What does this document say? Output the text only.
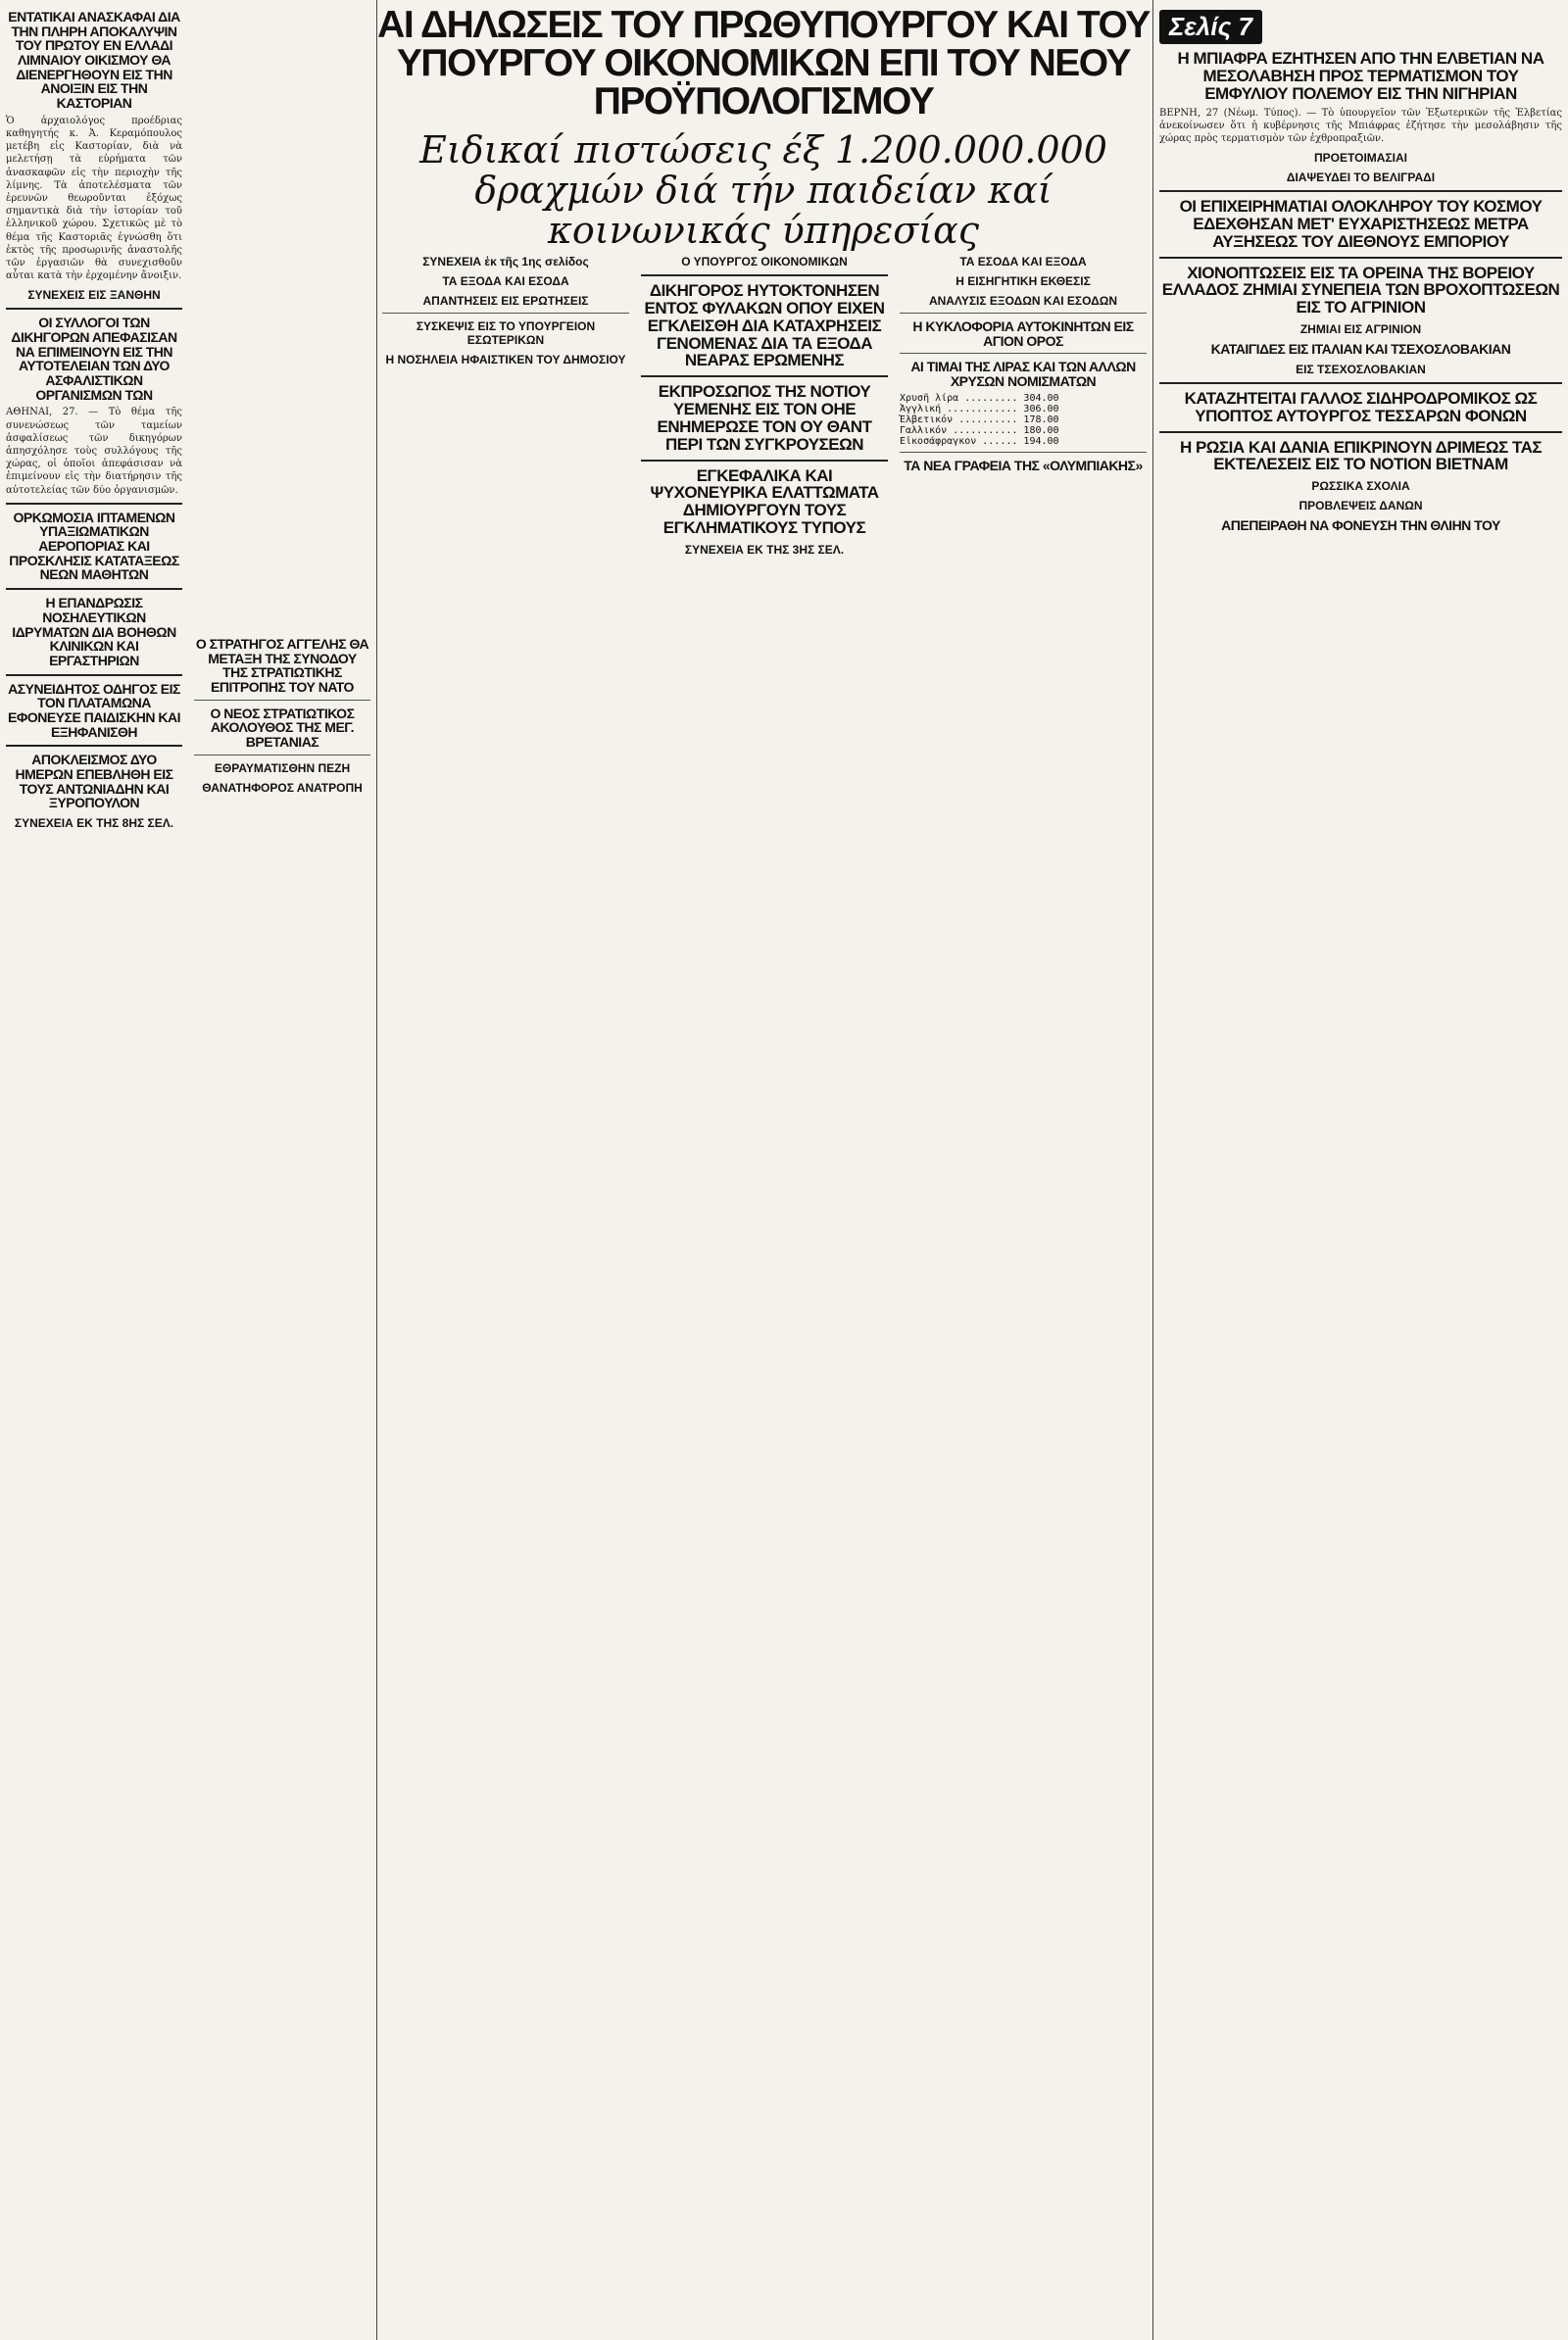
ΕΝΤΑΤΙΚΑΙ ΑΝΑΣΚΑΦΑΙ ΔΙΑ ΤΗΝ ΠΛΗΡΗ ΑΠΟΚΑΛΥΨΙΝ ΤΟΥ ΠΡΩΤΟΥ ΕΝ ΕΛΛΑΔΙ ΛΙΜΝΑΙΟΥ ΟΙΚΙΣΜΟΥ ΘΑ ΔΙΕΝΕΡΓΗΘΟΥΝ ΕΙΣ ΤΗΝ ΑΝΟΙΞΙΝ ΕΙΣ ΤΗΝ ΚΑΣΤΟΡΙΑΝ

Ὁ ἀρχαιολόγος προέδριας καθηγητής κ. Ἀ. Κεραμόπουλος μετέβη εἰς Καστορίαν, διὰ νὰ μελετήσῃ τὰ εὑρήματα τῶν ἀνασκαφῶν εἰς τὴν περιοχὴν τῆς λίμνης. Τὰ ἀποτελέσματα τῶν ἐρευνῶν θεωροῦνται ἐξόχως σημαντικὰ διὰ τὴν ἱστορίαν τοῦ ἑλληνικοῦ χώρου. Σχετικῶς μὲ τὸ θέμα τῆς Καστοριᾶς ἐγνώσθη ὅτι ἐκτὸς τῆς προσωρινῆς ἀναστολῆς τῶν ἐργασιῶν θὰ συνεχισθοῦν αὗται κατὰ τὴν ἐρχομένην ἄνοιξιν.

ΣΥΝΕΧΕΙΣ ΕΙΣ ΞΑΝΘΗΝ
ΟΙ ΣΥΛΛΟΓΟΙ ΤΩΝ ΔΙΚΗΓΟΡΩΝ ΑΠΕΦΑΣΙΣΑΝ ΝΑ ΕΠΙΜΕΙΝΟΥΝ ΕΙΣ ΤΗΝ ΑΥΤΟΤΕΛΕΙΑΝ ΤΩΝ ΔΥΟ ΑΣΦΑΛΙΣΤΙΚΩΝ ΟΡΓΑΝΙΣΜΩΝ ΤΩΝ

ΑΘΗΝΑΙ, 27. — Τὸ θέμα τῆς συνενώσεως τῶν ταμείων ἀσφαλίσεως τῶν δικηγόρων ἀπησχόλησε τοὺς συλλόγους τῆς χώρας, οἱ ὁποῖοι ἀπεφάσισαν νὰ ἐπιμείνουν εἰς τὴν διατήρησιν τῆς αὐτοτελείας τῶν δύο ὀργανισμῶν.

ΟΡΚΩΜΟΣΙΑ ΙΠΤΑΜΕΝΩΝ ΥΠΑΞΙΩΜΑΤΙΚΩΝ ΑΕΡΟΠΟΡΙΑΣ ΚΑΙ ΠΡΟΣΚΛΗΣΙΣ ΚΑΤΑΤΑΞΕΩΣ ΝΕΩΝ ΜΑΘΗΤΩΝ
Η ΕΠΑΝΔΡΩΣΙΣ ΝΟΣΗΛΕΥΤΙΚΩΝ ΙΔΡΥΜΑΤΩΝ ΔΙΑ ΒΟΗΘΩΝ ΚΛΙΝΙΚΩΝ ΚΑΙ ΕΡΓΑΣΤΗΡΙΩΝ
ΑΣΥΝΕΙΔΗΤΟΣ ΟΔΗΓΟΣ ΕΙΣ ΤΟΝ ΠΛΑΤΑΜΩΝΑ ΕΦΟΝΕΥΣΕ ΠΑΙΔΙΣΚΗΝ ΚΑΙ ΕΞΗΦΑΝΙΣΘΗ
ΑΠΟΚΛΕΙΣΜΟΣ ΔΥΟ ΗΜΕΡΩΝ ΕΠΕΒΛΗΘΗ ΕΙΣ ΤΟΥΣ ΑΝΤΩΝΙΑΔΗΝ ΚΑΙ ΞΥΡΟΠΟΥΛΟΝ
ΣΥΝΕΧΕΙΑ ΕΚ ΤΗΣ 8ΗΣ ΣΕΛ.
Ο ΣΤΡΑΤΗΓΟΣ ΑΓΓΕΛΗΣ ΘΑ ΜΕΤΑΞΗ ΤΗΣ ΣΥΝΟΔΟΥ ΤΗΣ ΣΤΡΑΤΙΩΤΙΚΗΣ ΕΠΙΤΡΟΠΗΣ ΤΟΥ ΝΑΤΟ
Ο ΝΕΟΣ ΣΤΡΑΤΙΩΤΙΚΟΣ ΑΚΟΛΟΥΘΟΣ ΤΗΣ ΜΕΓ. ΒΡΕΤΑΝΙΑΣ
ΕΘΡΑΥΜΑΤΙΣΘΗΝ ΠΕΖΗ
ΘΑΝΑΤΗΦΟΡΟΣ ΑΝΑΤΡΟΠΗ
ΑΙ ΔΗΛΩΣΕΙΣ ΤΟΥ ΠΡΩΘΥΠΟΥΡΓΟΥ ΚΑΙ ΤΟΥ ΥΠΟΥΡΓΟΥ ΟΙΚΟΝΟΜΙΚΩΝ ΕΠΙ ΤΟΥ ΝΕΟΥ ΠΡΟΫΠΟΛΟΓΙΣΜΟΥ
Ειδικαί πιστώσεις έξ 1.200.000.000 δραχμών διά τήν παιδείαν καί κοινωνικάς ύπηρεσίας
ΣΥΝΕΧΕΙΑ ἐκ τῆς 1ης σελίδος
ΤΑ ΕΞΟΔΑ ΚΑΙ ΕΣΟΔΑ
ΑΠΑΝΤΗΣΕΙΣ ΕΙΣ ΕΡΩΤΗΣΕΙΣ
ΣΥΣΚΕΨΙΣ ΕΙΣ ΤΟ ΥΠΟΥΡΓΕΙΟΝ ΕΣΩΤΕΡΙΚΩΝ
Η ΝΟΣΗΛΕΙΑ ΗΦΑΙΣΤΙΚΕΝ ΤΟΥ ΔΗΜΟΣΙΟΥ
Ο ΥΠΟΥΡΓΟΣ ΟΙΚΟΝΟΜΙΚΩΝ
ΔΙΚΗΓΟΡΟΣ ΗΥΤΟΚΤΟΝΗΣΕΝ ΕΝΤΟΣ ΦΥΛΑΚΩΝ ΟΠΟΥ ΕΙΧΕΝ ΕΓΚΛΕΙΣΘΗ ΔΙΑ ΚΑΤΑΧΡΗΣΕΙΣ ΓΕΝΟΜΕΝΑΣ ΔΙΑ ΤΑ ΕΞΟΔΑ ΝΕΑΡΑΣ ΕΡΩΜΕΝΗΣ
ΕΚΠΡΟΣΩΠΟΣ ΤΗΣ ΝΟΤΙΟΥ ΥΕΜΕΝΗΣ ΕΙΣ ΤΟΝ ΟΗΕ ΕΝΗΜΕΡΩΣΕ ΤΟΝ ΟΥ ΘΑΝΤ ΠΕΡΙ ΤΩΝ ΣΥΓΚΡΟΥΣΕΩΝ
ΕΓΚΕΦΑΛΙΚΑ ΚΑΙ ΨΥΧΟΝΕΥΡΙΚΑ ΕΛΑΤΤΩΜΑΤΑ ΔΗΜΙΟΥΡΓΟΥΝ ΤΟΥΣ ΕΓΚΛΗΜΑΤΙΚΟΥΣ ΤΥΠΟΥΣ
ΣΥΝΕΧΕΙΑ ΕΚ ΤΗΣ 3ΗΣ ΣΕΛ.
ΤΑ ΕΣΟΔΑ ΚΑΙ ΕΞΟΔΑ
Η ΕΙΣΗΓΗΤΙΚΗ ΕΚΘΕΣΙΣ
ΑΝΑΛΥΣΙΣ ΕΞΟΔΩΝ ΚΑΙ ΕΣΟΔΩΝ
Η ΚΥΚΛΟΦΟΡΙΑ ΑΥΤΟΚΙΝΗΤΩΝ ΕΙΣ ΑΓΙΟΝ ΟΡΟΣ
ΑΙ ΤΙΜΑΙ ΤΗΣ ΛΙΡΑΣ ΚΑΙ ΤΩΝ ΑΛΛΩΝ ΧΡΥΣΩΝ ΝΟΜΙΣΜΑΤΩΝ
Χρυσῆ λίρα ......... 304.00
Ἀγγλική ............ 306.00
Ἐλβετικόν .......... 178.00
Γαλλικόν ........... 180.00
Εἰκοσάφραγκον ...... 194.00
ΤΑ ΝΕΑ ΓΡΑΦΕΙΑ ΤΗΣ «ΟΛΥΜΠΙΑΚΗΣ»
Σελίς 7
Η ΜΠΙΑΦΡΑ ΕΖΗΤΗΣΕΝ ΑΠΟ ΤΗΝ ΕΛΒΕΤΙΑΝ ΝΑ ΜΕΣΟΛΑΒΗΣΗ ΠΡΟΣ ΤΕΡΜΑΤΙΣΜΟΝ ΤΟΥ ΕΜΦΥΛΙΟΥ ΠΟΛΕΜΟΥ ΕΙΣ ΤΗΝ ΝΙΓΗΡΙΑΝ

ΒΕΡΝΗ, 27 (Νέωμ. Τύπος). — Τὸ ὑπουργεῖον τῶν Ἐξωτερικῶν τῆς Ἐλβετίας ἀνεκοίνωσεν ὅτι ἡ κυβέρνησις τῆς Μπιάφρας ἐζήτησε τὴν μεσολάβησιν τῆς χώρας πρὸς τερματισμὸν τῶν ἐχθροπραξιῶν.

ΠΡΟΕΤΟΙΜΑΣΙΑΙ
ΔΙΑΨΕΥΔΕΙ ΤΟ ΒΕΛΙΓΡΑΔΙ
ΟΙ ΕΠΙΧΕΙΡΗΜΑΤΙΑΙ ΟΛΟΚΛΗΡΟΥ ΤΟΥ ΚΟΣΜΟΥ ΕΔΕΧΘΗΣΑΝ ΜΕΤ' ΕΥΧΑΡΙΣΤΗΣΕΩΣ ΜΕΤΡΑ ΑΥΞΗΣΕΩΣ ΤΟΥ ΔΙΕΘΝΟΥΣ ΕΜΠΟΡΙΟΥ
ΧΙΟΝΟΠΤΩΣΕΙΣ ΕΙΣ ΤΑ ΟΡΕΙΝΑ ΤΗΣ ΒΟΡΕΙΟΥ ΕΛΛΑΔΟΣ ΖΗΜΙΑΙ ΣΥΝΕΠΕΙΑ ΤΩΝ ΒΡΟΧΟΠΤΩΣΕΩΝ ΕΙΣ ΤΟ ΑΓΡΙΝΙΟΝ
ΖΗΜΙΑΙ ΕΙΣ ΑΓΡΙΝΙΟΝ
ΚΑΤΑΙΓΙΔΕΣ ΕΙΣ ΙΤΑΛΙΑΝ ΚΑΙ ΤΣΕΧΟΣΛΟΒΑΚΙΑΝ
ΕΙΣ ΤΣΕΧΟΣΛΟΒΑΚΙΑΝ
ΚΑΤΑΖΗΤΕΙΤΑΙ ΓΑΛΛΟΣ ΣΙΔΗΡΟΔΡΟΜΙΚΟΣ ΩΣ ΥΠΟΠΤΟΣ ΑΥΤΟΥΡΓΟΣ ΤΕΣΣΑΡΩΝ ΦΟΝΩΝ
Η ΡΩΣΙΑ ΚΑΙ ΔΑΝΙΑ ΕΠΙΚΡΙΝΟΥΝ ΔΡΙΜΕΩΣ ΤΑΣ ΕΚΤΕΛΕΣΕΙΣ ΕΙΣ ΤΟ ΝΟΤΙΟΝ ΒΙΕΤΝΑΜ
ΡΩΣΣΙΚΑ ΣΧΟΛΙΑ
ΠΡΟΒΛΕΨΕΙΣ ΔΑΝΩΝ
ΑΠΕΠΕΙΡΑΘΗ ΝΑ ΦΟΝΕΥΣΗ ΤΗΝ ΘΛΙΗΝ ΤΟΥ
